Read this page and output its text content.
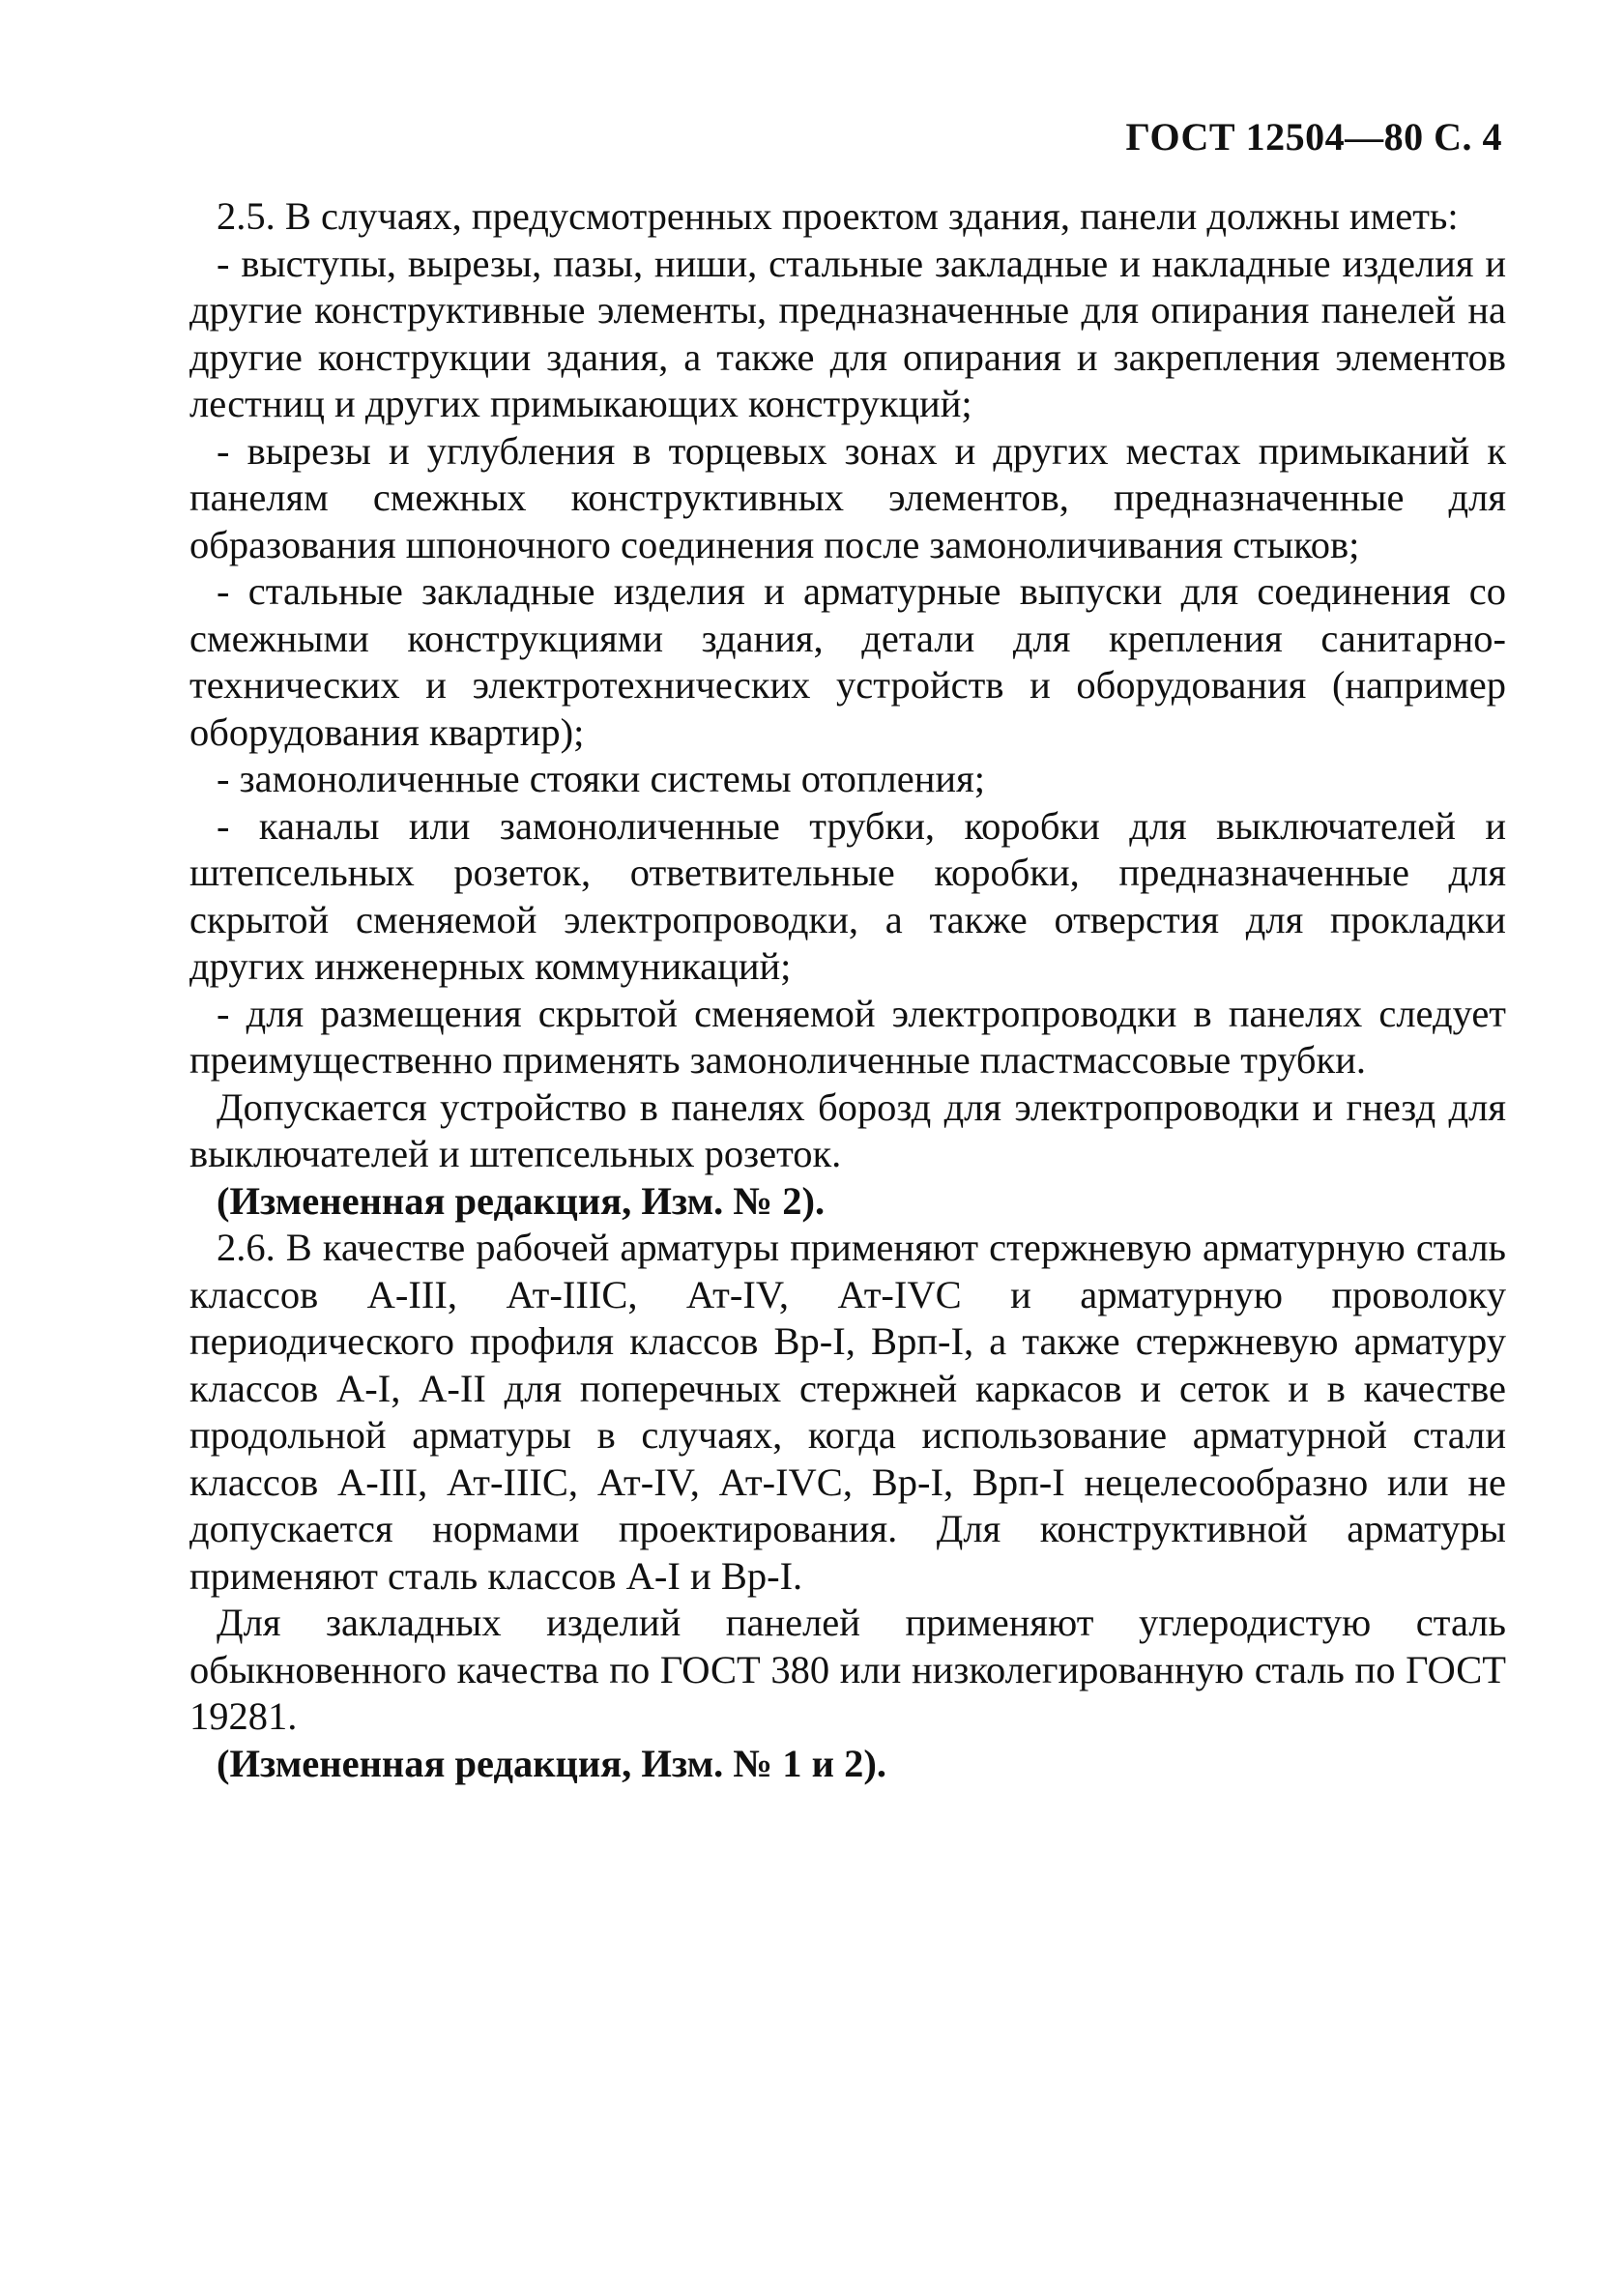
ГОСТ 12504—80 С. 4

2.5. В случаях, предусмотренных проектом здания, панели должны иметь:

- выступы, вырезы, пазы, ниши, стальные закладные и накладные изделия и другие конструктивные элементы, предназначенные для опирания панелей на другие конструкции здания, а также для опирания и закрепления элементов лестниц и других примыкающих конструкций;

- вырезы и углубления в торцевых зонах и других местах примыканий к панелям смежных конструктивных элементов, предназначенные для образования шпоночного соединения после замоноличивания стыков;

- стальные закладные изделия и арматурные выпуски для соединения со смежными конструкциями здания, детали для крепления санитарно-технических и электротехнических устройств и оборудования (например оборудования квартир);

- замоноличенные стояки системы отопления;

- каналы или замоноличенные трубки, коробки для выключателей и штепсельных розеток, ответвительные коробки, предназначенные для скрытой сменяемой электропроводки, а также отверстия для прокладки других инженерных коммуникаций;

- для размещения скрытой сменяемой электропроводки в панелях следует преимущественно применять замоноличенные пластмассовые трубки.

Допускается устройство в панелях борозд для электропроводки и гнезд для выключателей и штепсельных розеток.

(Измененная редакция, Изм. № 2).

2.6. В качестве рабочей арматуры применяют стержневую арматурную сталь классов А-III, Ат-IIIС, Ат-IV, Ат-IVС и арматурную проволоку периодического профиля классов Вр-I, Врп-I, а также стержневую арматуру классов А-I, А-II для поперечных стержней каркасов и сеток и в качестве продольной арматуры в случаях, когда использование арматурной стали классов А-III, Ат-IIIС, Ат-IV, Ат-IVС, Вр-I, Врп-I нецелесообразно или не допускается нормами проектирования. Для конструктивной арматуры применяют сталь классов А-I и Вр-I.

Для закладных изделий панелей применяют углеродистую сталь обыкновенного качества по ГОСТ 380 или низколегированную сталь по ГОСТ 19281.

(Измененная редакция, Изм. № 1 и 2).
